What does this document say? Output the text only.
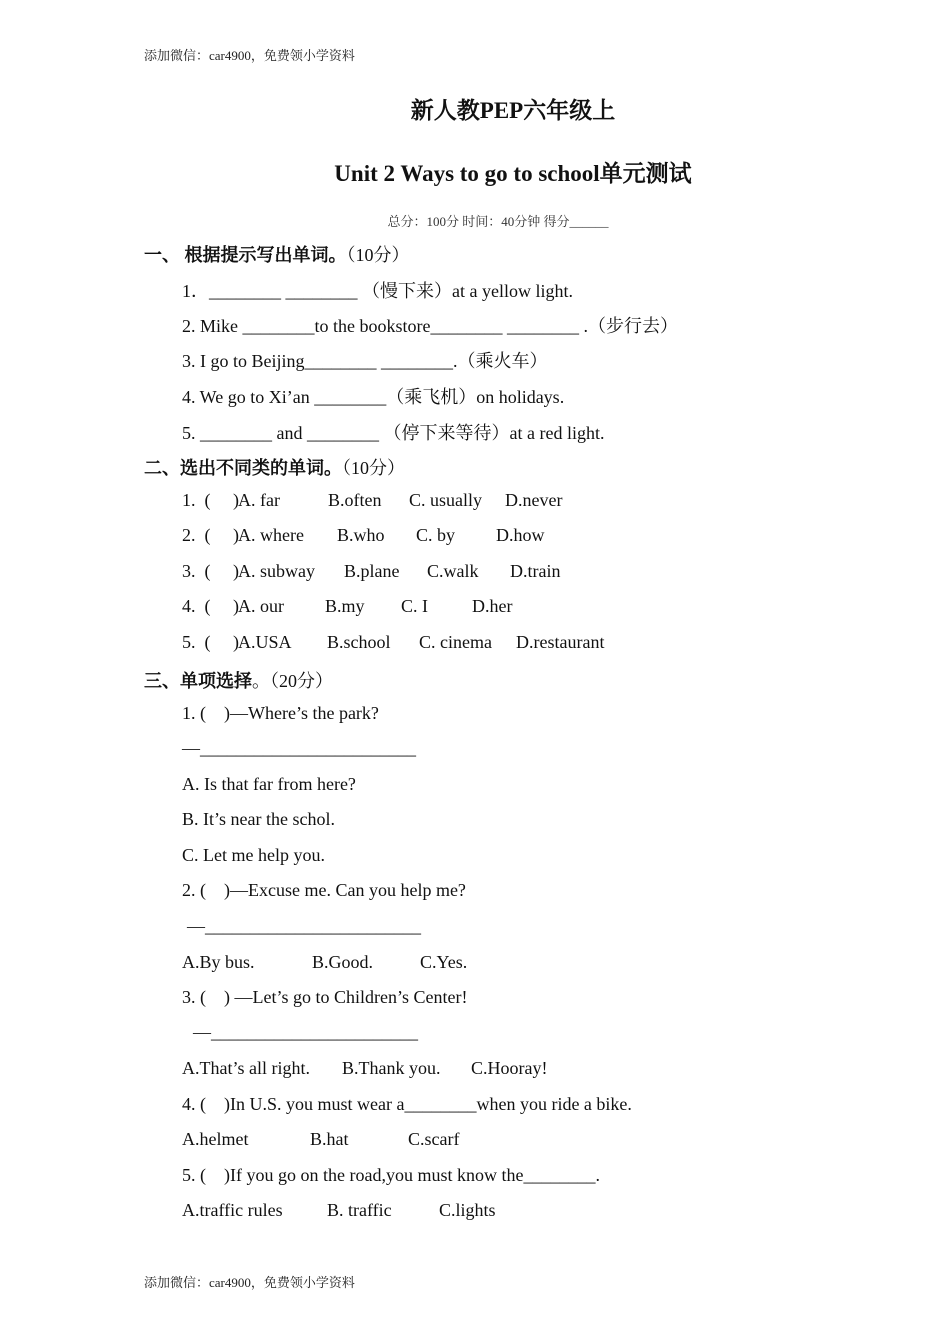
添加微信：car4900，免费领小学资料
新人教PEP六年级上
Unit 2 Ways to go to school单元测试
总分：100分 时间：40分钟 得分______
一、 根据提示写出单词。（10分）
1．________ ________ （慢下来）at a yellow light.
2. Mike ________to the bookstore________ ________ .（步行去）
3. I go to Beijing________ ________.（乘火车）
4. We go to Xi’an ________（乘飞机）on holidays.
5. ________ and ________ （停下来等待）at a red light.
二、选出不同类的单词。（10分）

1.  (     )

A. far

	B.often

C. usually

D.never

2.  (     )

A. where

B.who

C. by

D.how

3.  (     )

A. subway

B.plane

C.walk

D.train

4.  (     )

A. our

B.my

C. I

D.her

5.  (     )

A.USA

B.school

C. cinema

D.restaurant

三、单项选择。（20分）
1. (    )—Where’s the park?
—________________________
A. Is that far from here?
B. It’s near the schol.
C. Let me help you.
2. (    )—Excuse me. Can you help me?
—________________________

A.By bus.

	B.Good.

	C.Yes.

3. (    ) —Let’s go to Children’s Center!
—_______________________

A.That’s all right.

B.Thank you.

C.Hooray!

4. (    )In U.S. you must wear a________when you ride a bike.

A.helmet

	B.hat

	C.scarf

5. (    )If you go on the road,you must know the________.

A.traffic rules

B. traffic

	C.lights

添加微信：car4900，免费领小学资料
